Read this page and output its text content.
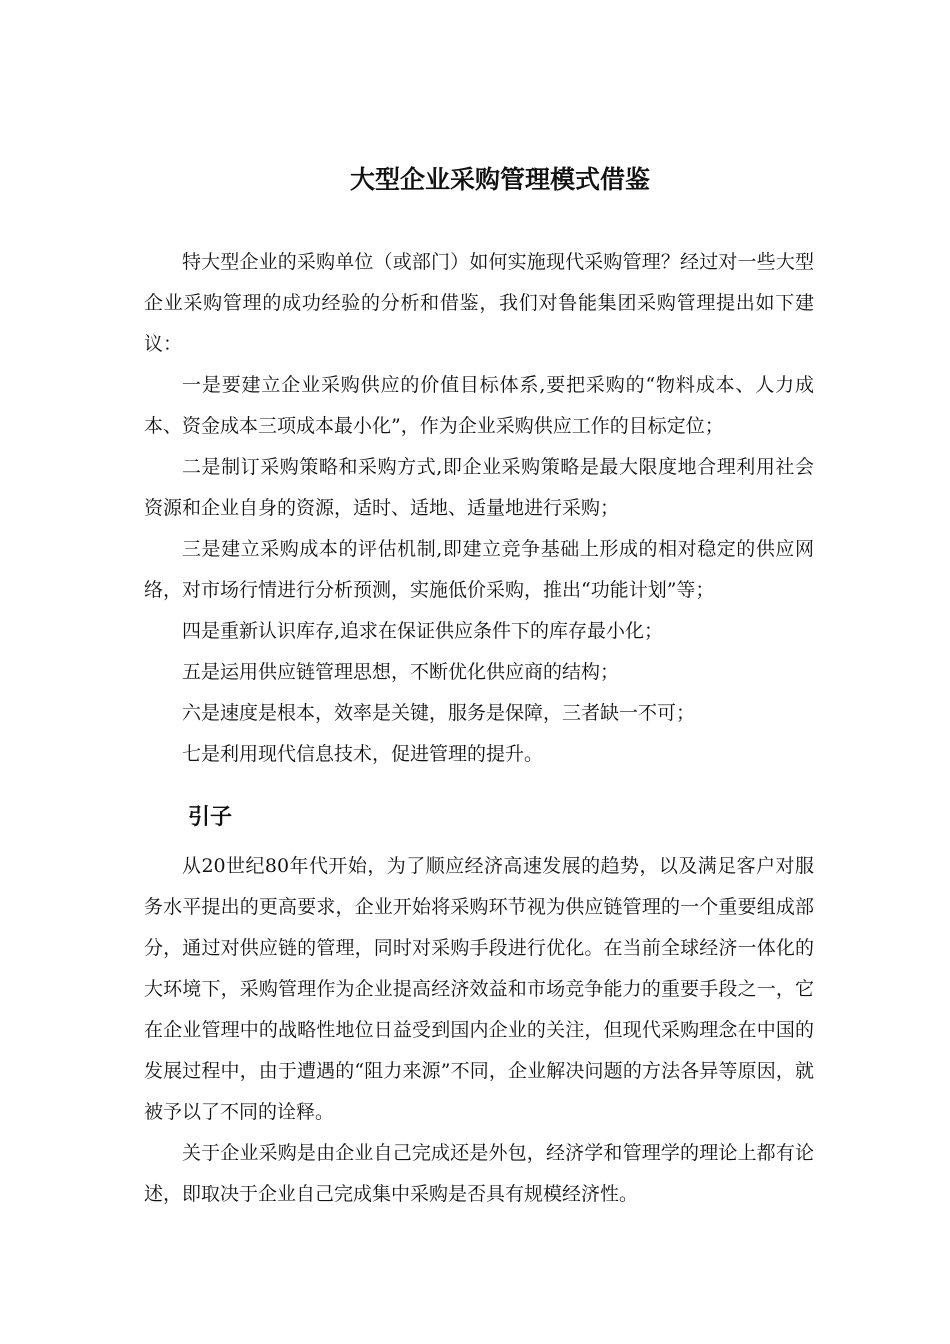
大型企业采购管理模式借鉴

特大型企业的采购单位（或部门）如何实施现代采购管理？经过对一些大型企业采购管理的成功经验的分析和借鉴，我们对鲁能集团采购管理提出如下建议：

一是要建立企业采购供应的价值目标体系,要把采购的“物料成本、人力成本、资金成本三项成本最小化”，作为企业采购供应工作的目标定位；

二是制订采购策略和采购方式,即企业采购策略是最大限度地合理利用社会资源和企业自身的资源，适时、适地、适量地进行采购；

三是建立采购成本的评估机制,即建立竞争基础上形成的相对稳定的供应网络，对市场行情进行分析预测，实施低价采购，推出“功能计划”等；

四是重新认识库存,追求在保证供应条件下的库存最小化；

五是运用供应链管理思想，不断优化供应商的结构；

六是速度是根本，效率是关键，服务是保障，三者缺一不可；

七是利用现代信息技术，促进管理的提升。

引子

从20世纪80年代开始，为了顺应经济高速发展的趋势，以及满足客户对服务水平提出的更高要求，企业开始将采购环节视为供应链管理的一个重要组成部分，通过对供应链的管理，同时对采购手段进行优化。在当前全球经济一体化的大环境下，采购管理作为企业提高经济效益和市场竞争能力的重要手段之一，它在企业管理中的战略性地位日益受到国内企业的关注，但现代采购理念在中国的发展过程中，由于遭遇的“阻力来源”不同，企业解决问题的方法各异等原因，就被予以了不同的诠释。

关于企业采购是由企业自己完成还是外包，经济学和管理学的理论上都有论述，即取决于企业自己完成集中采购是否具有规模经济性。
